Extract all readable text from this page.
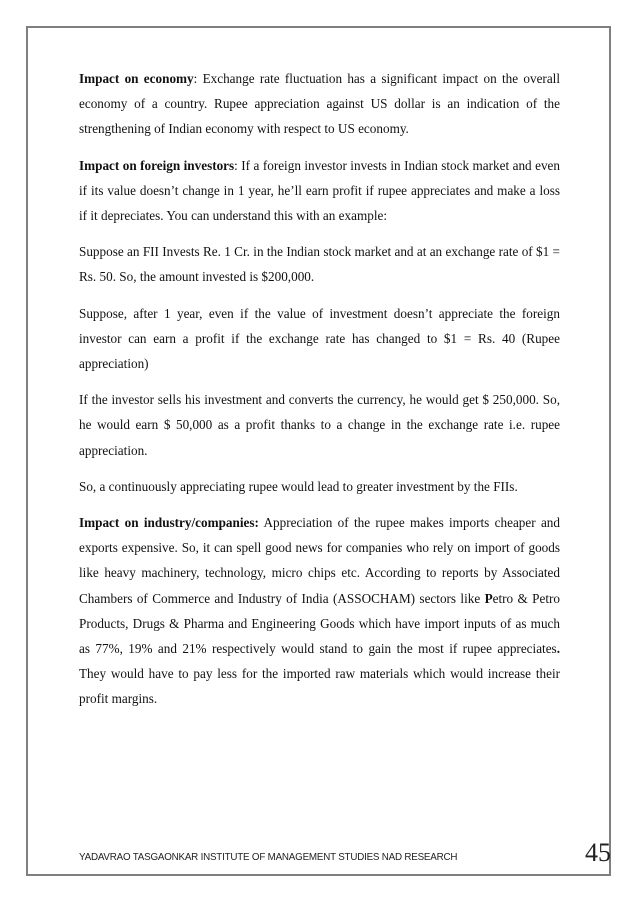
Impact on economy: Exchange rate fluctuation has a significant impact on the overall economy of a country. Rupee appreciation against US dollar is an indication of the strengthening of Indian economy with respect to US economy.

Impact on foreign investors: If a foreign investor invests in Indian stock market and even if its value doesn’t change in 1 year, he’ll earn profit if rupee appreciates and make a loss if it depreciates. You can understand this with an example:

Suppose an FII Invests Re. 1 Cr. in the Indian stock market and at an exchange rate of $1 = Rs. 50. So, the amount invested is $200,000.

Suppose, after 1 year, even if the value of investment doesn’t appreciate the foreign investor can earn a profit if the exchange rate has changed to $1 = Rs. 40 (Rupee appreciation)

If the investor sells his investment and converts the currency, he would get $ 250,000. So, he would earn $ 50,000 as a profit thanks to a change in the exchange rate i.e. rupee appreciation.

So, a continuously appreciating rupee would lead to greater investment by the FIIs.

Impact on industry/companies: Appreciation of the rupee makes imports cheaper and exports expensive. So, it can spell good news for companies who rely on import of goods like heavy machinery, technology, micro chips etc. According to reports by Associated Chambers of Commerce and Industry of India (ASSOCHAM) sectors like Petro & Petro Products, Drugs & Pharma and Engineering Goods which have import inputs of as much as 77%, 19% and 21% respectively would stand to gain the most if rupee appreciates. They would have to pay less for the imported raw materials which would increase their profit margins.

YADAVRAO TASGAONKAR INSTITUTE OF MANAGEMENT STUDIES NAD RESEARCH	45
